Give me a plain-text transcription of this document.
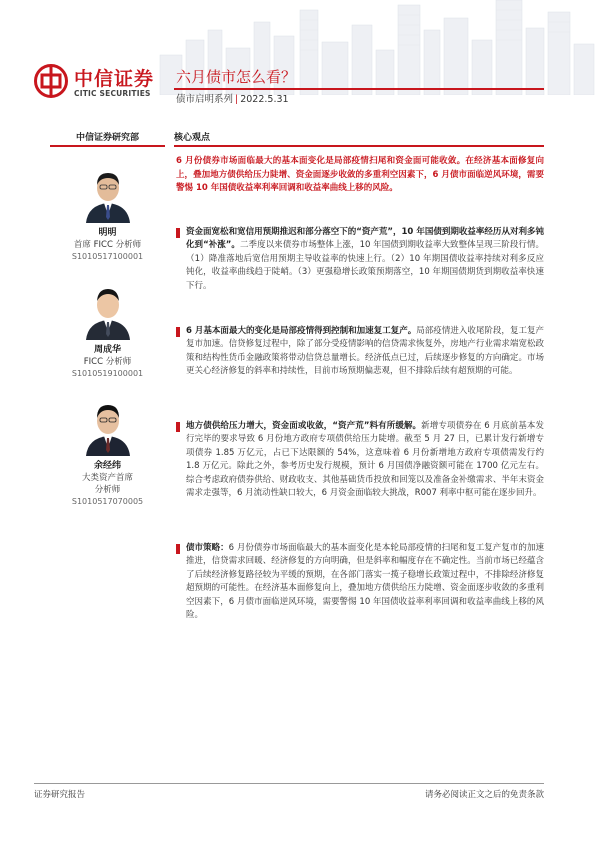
中信证券
CITIC SECURITIES
六月债市怎么看？
债市启明系列 | 2022.5.31
中信证券研究部
明明
首席 FICC 分析师
S1010517100001
周成华
FICC 分析师
S1010519100001
余经纬
大类资产首席
分析师
S1010517070005
核心观点
6 月份债券市场面临最大的基本面变化是局部疫情扫尾和资金面可能收敛。在经济基本面修复向上，叠加地方债供给压力陡增、资金面逐步收敛的多重利空因素下，6 月债市面临逆风环境，需要警惕 10 年国债收益率利率回调和收益率曲线上移的风险。
资金面宽松和宽信用预期推迟和部分落空下的“资产荒”，10 年国债到期收益率经历从对利多钝化到“补涨”。二季度以来债券市场整体上涨，10 年国债到期收益率大致整体呈现三阶段行情。（1）降准落地后宽信用预期主导收益率的快速上行。（2）10 年期国债收益率持续对利多反应钝化，收益率曲线趋于陡峭。（3）更强稳增长政策预期落空，10 年期国债期货到期收益率快速下行。
6 月基本面最大的变化是局部疫情得到控制和加速复工复产。局部疫情进入收尾阶段，复工复产复市加速。信贷修复过程中，除了部分受疫情影响的信贷需求恢复外，房地产行业需求端宽松政策和结构性货币金融政策将带动信贷总量增长。经济低点已过，后续逐步修复的方向确定。市场更关心经济修复的斜率和持续性，目前市场预期偏悲观，但不排除后续有超预期的可能。
地方债供给压力增大，资金面或收敛，“资产荒”料有所缓解。新增专项债券在 6 月底前基本发行完毕的要求导致 6 月份地方政府专项债供给压力陡增。截至 5 月 27 日，已累计发行新增专项债券 1.85 万亿元，占已下达限额的 54%，这意味着 6 月份新增地方政府专项债需发行约 1.8 万亿元。除此之外，参考历史发行规模，预计 6 月国债净融资额可能在 1700 亿元左右。综合考虑政府债券供给、财政收支、其他基础货币投放和回笼以及准备金补缴需求、半年末资金需求走强等，6 月流动性缺口较大，6 月资金面临较大挑战，R007 利率中枢可能在逐步回升。
债市策略：6 月份债券市场面临最大的基本面变化是本轮局部疫情的扫尾和复工复产复市的加速推进，信贷需求回暖、经济修复的方向明确，但是斜率和幅度存在不确定性。当前市场已经蕴含了后续经济修复路径较为平缓的预期，在各部门落实一揽子稳增长政策过程中，不排除经济修复超预期的可能性。在经济基本面修复向上，叠加地方债供给压力陡增、资金面逐步收敛的多重利空因素下，6 月债市面临逆风环境，需要警惕 10 年国债收益率利率回调和收益率曲线上移的风险。
证券研究报告	请务必阅读正文之后的免责条款
